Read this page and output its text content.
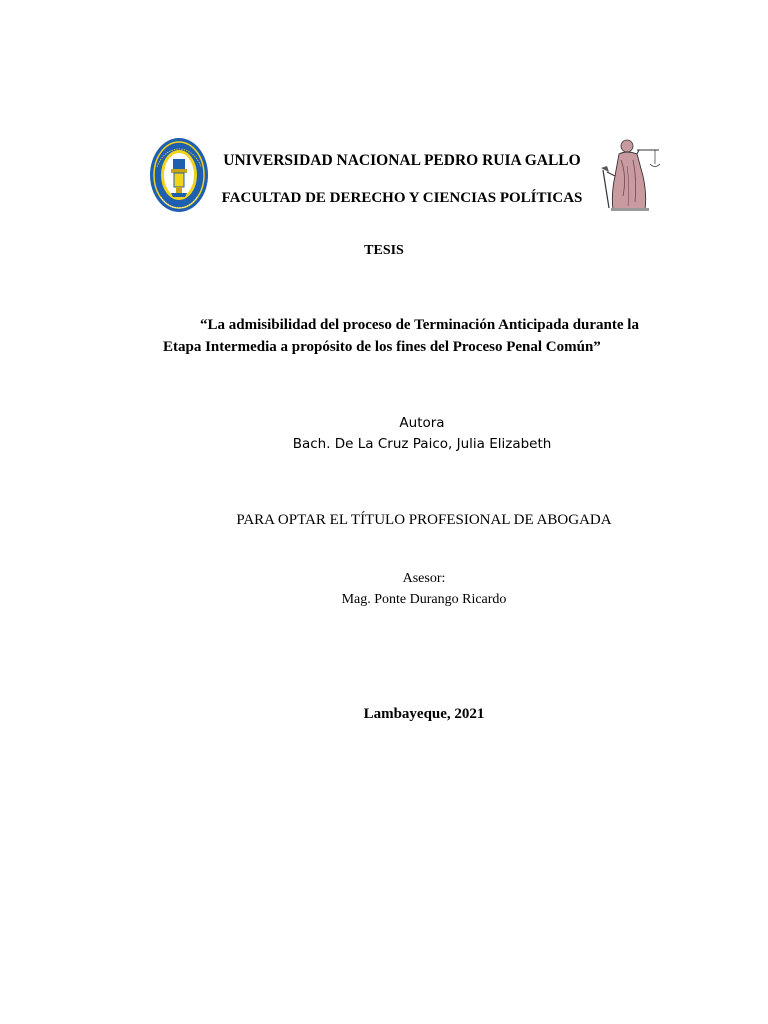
UNIVERSIDAD NACIONAL PEDRO RUIA GALLO
FACULTAD DE DERECHO Y CIENCIAS POLÍTICAS
TESIS
“La admisibilidad del proceso de Terminación Anticipada durante la
Etapa Intermedia a propósito de los fines del Proceso Penal Común”
Autora
Bach. De La Cruz Paico, Julia Elizabeth
PARA OPTAR EL TÍTULO PROFESIONAL DE ABOGADA
Asesor:
Mag. Ponte Durango Ricardo
Lambayeque, 2021
